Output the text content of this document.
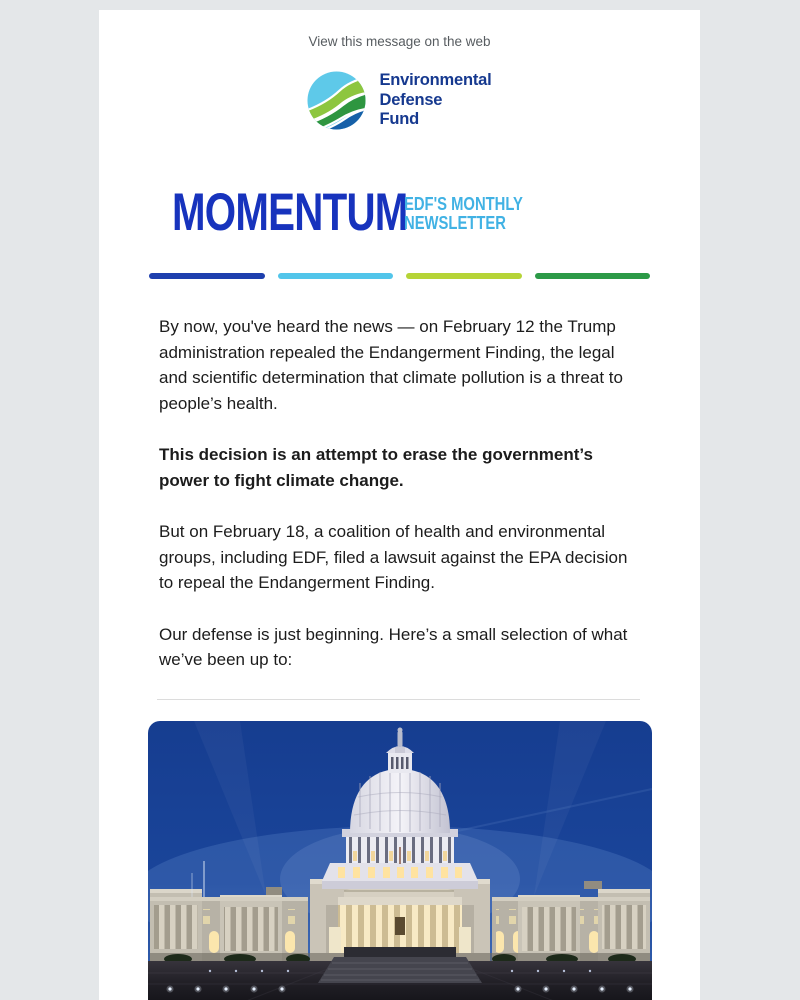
View this message on the web
Environmental
Defense
Fund
MOMENTUM
EDF'S MONTHLY
NEWSLETTER

By now, you've heard the news — on February 12 the Trump administration repealed the Endangerment Finding, the legal and scientific determination that climate pollution is a threat to people’s health.

This decision is an attempt to erase the government’s power to fight climate change.

But on February 18, a coalition of health and environmental groups, including EDF, filed a lawsuit against the EPA decision to repeal the Endangerment Finding.

Our defense is just beginning. Here’s a small selection of what we’ve been up to:
